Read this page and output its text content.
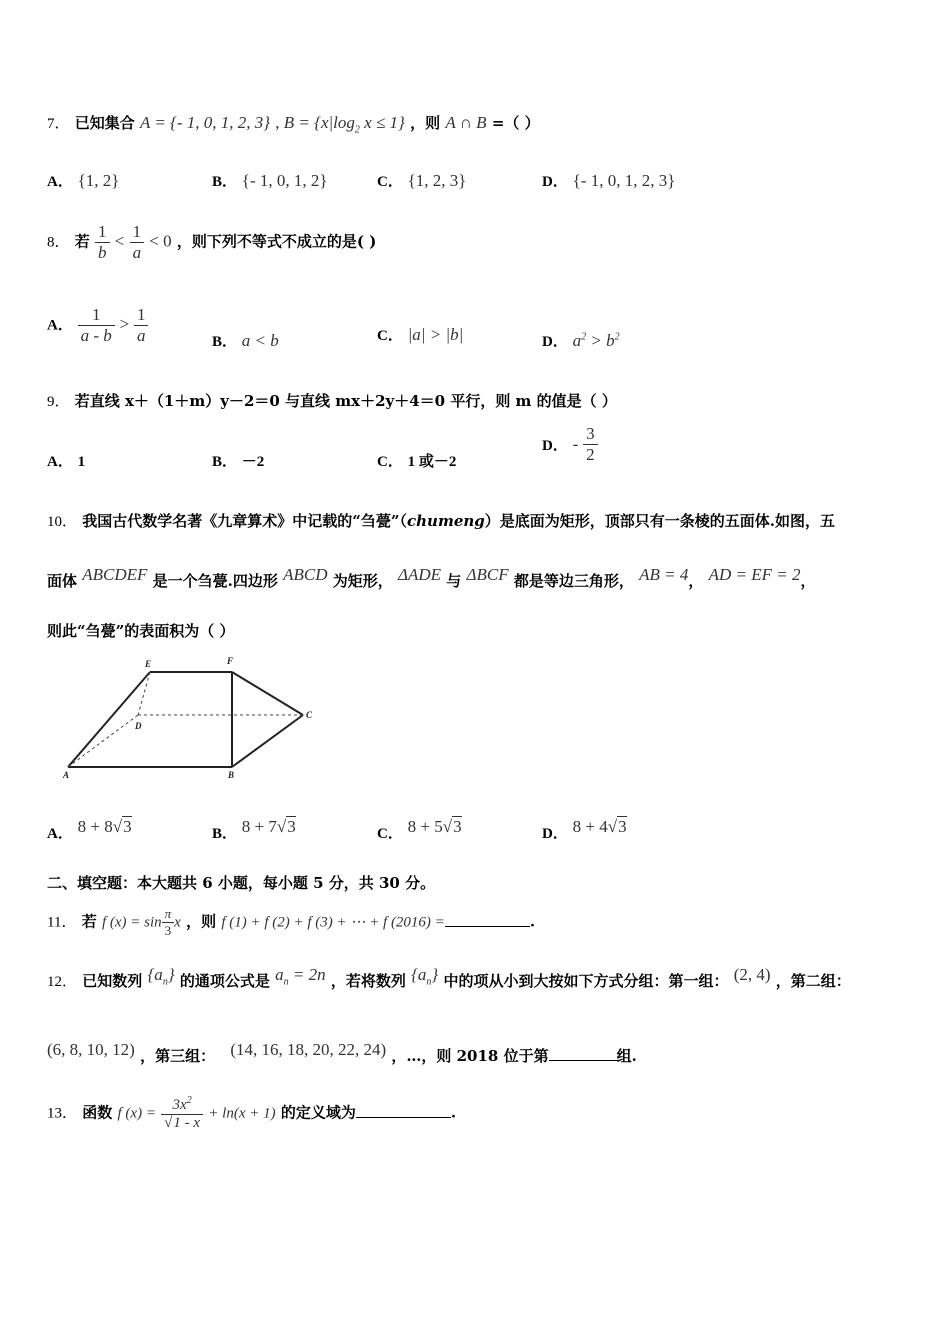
7． 已知集合 A = {- 1, 0, 1, 2, 3} , $B = \{x|\log_2$ x ≤ 1} ，则 A ∩ B =（ ）
A． {1, 2}	B． {- 1, 0, 1, 2}	C． {1, 2, 3}	D． {- 1, 0, 1, 2, 3}
8． 若 $\frac{1}{b} < \frac{1}{a} < 0$ ，则下列不等式不成立的是( )
A． $\frac{1}{a - b} > \frac{1}{a}$	B． a < b	C． |a| > |b|	D． $a^2 > b^2$
9． 若直线 x＋（1＋m）y－2＝0 与直线 mx＋2y＋4＝0 平行，则 m 的值是（ ）
A． 1	B． －2	C． 1 或－2
D． - $\frac{3}{2}$
10． 我国古代数学名著《九章算术》中记载的“刍甍”（chumeng）是底面为矩形，顶部只有一条棱的五面体.如图，五
面体 ABCDEF 是一个刍甍.四边形 ABCD 为矩形， ΔADE 与 ΔBCF 都是等边三角形， AB = 4， AD = EF = 2，
则此“刍甍”的表面积为（ ）
A	B
C
D
E	F
A． 8 + 8√3	B． 8 + 7√3	C． 8 + 5√3	D． 8 + 4√3
二、填空题：本大题共 6 小题，每小题 5 分，共 30 分。
11． 若 f $(x) = \sin \frac{\pi}{3}$ x ，则 f (1) + f (2) + f (3) + ⋯ + f (2016) =	.
12． 已知数列 $\{a_n\}$ 的通项公式是 $a_n = 2n$ ，若将数列 $\{a_n\}$ 中的项从小到大按如下方式分组：第一组： (2, 4) ，第二组：
(6, 8, 10, 12) ，第三组： (14, 16, 18, 20, 22, 24) ，…，则 2018 位于第	组.
13． 函数 f $(x) = \frac{3x^2}{√1 - x} + \ln(x + 1)$ 的定义域为	.
